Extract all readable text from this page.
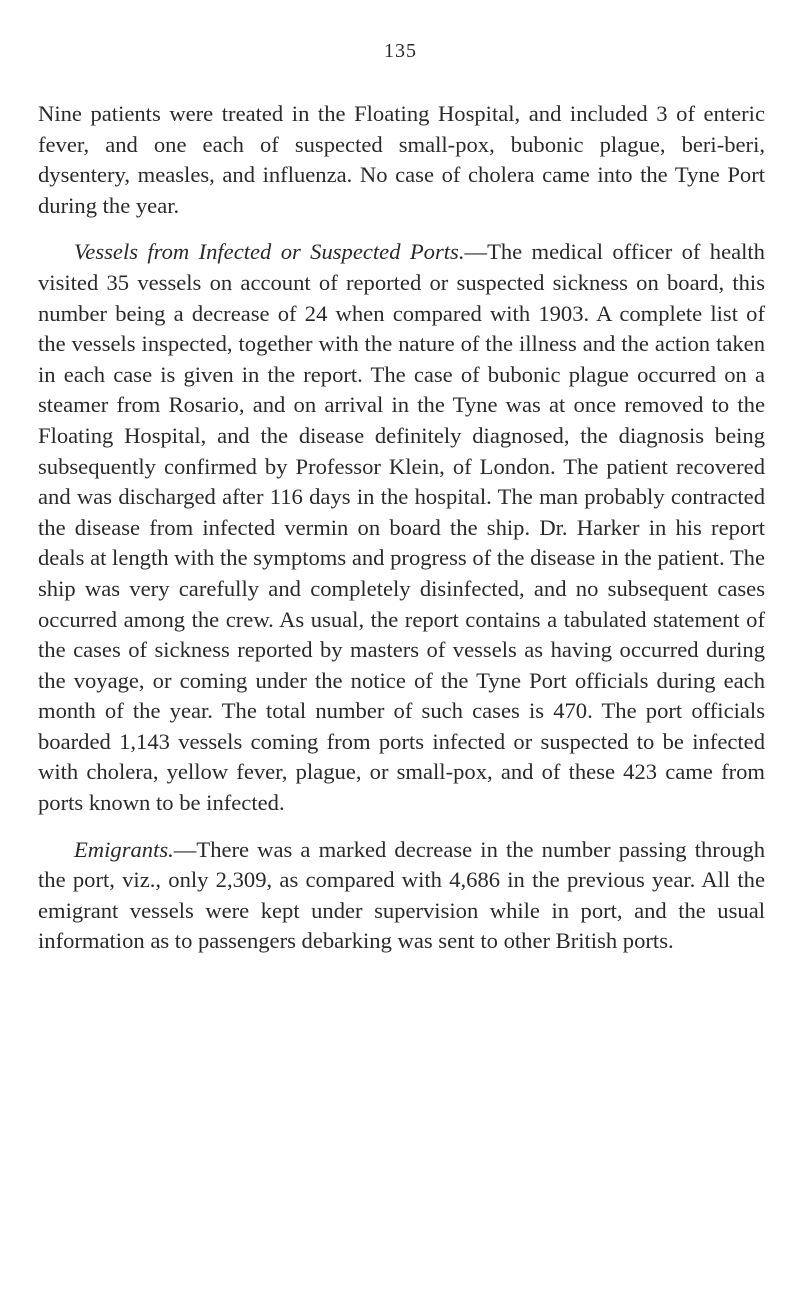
135

Nine patients were treated in the Floating Hospital, and included 3 of enteric fever, and one each of suspected small-pox, bubonic plague, beri-beri, dysentery, measles, and influenza. No case of cholera came into the Tyne Port during the year.

Vessels from Infected or Suspected Ports.—The medical officer of health visited 35 vessels on account of reported or suspected sickness on board, this number being a decrease of 24 when compared with 1903. A complete list of the vessels inspected, together with the nature of the illness and the action taken in each case is given in the report. The case of bubonic plague occurred on a steamer from Rosario, and on arrival in the Tyne was at once removed to the Floating Hospital, and the disease definitely diagnosed, the diagnosis being subsequently confirmed by Professor Klein, of London. The patient recovered and was discharged after 116 days in the hospital. The man probably contracted the disease from infected vermin on board the ship. Dr. Harker in his report deals at length with the symptoms and progress of the disease in the patient. The ship was very carefully and completely disinfected, and no subsequent cases occurred among the crew. As usual, the report contains a tabulated statement of the cases of sickness reported by masters of vessels as having occurred during the voyage, or coming under the notice of the Tyne Port officials during each month of the year. The total number of such cases is 470. The port officials boarded 1,143 vessels coming from ports infected or suspected to be infected with cholera, yellow fever, plague, or small-pox, and of these 423 came from ports known to be infected.

Emigrants.—There was a marked decrease in the number passing through the port, viz., only 2,309, as compared with 4,686 in the previous year. All the emigrant vessels were kept under supervision while in port, and the usual information as to passengers debarking was sent to other British ports.
